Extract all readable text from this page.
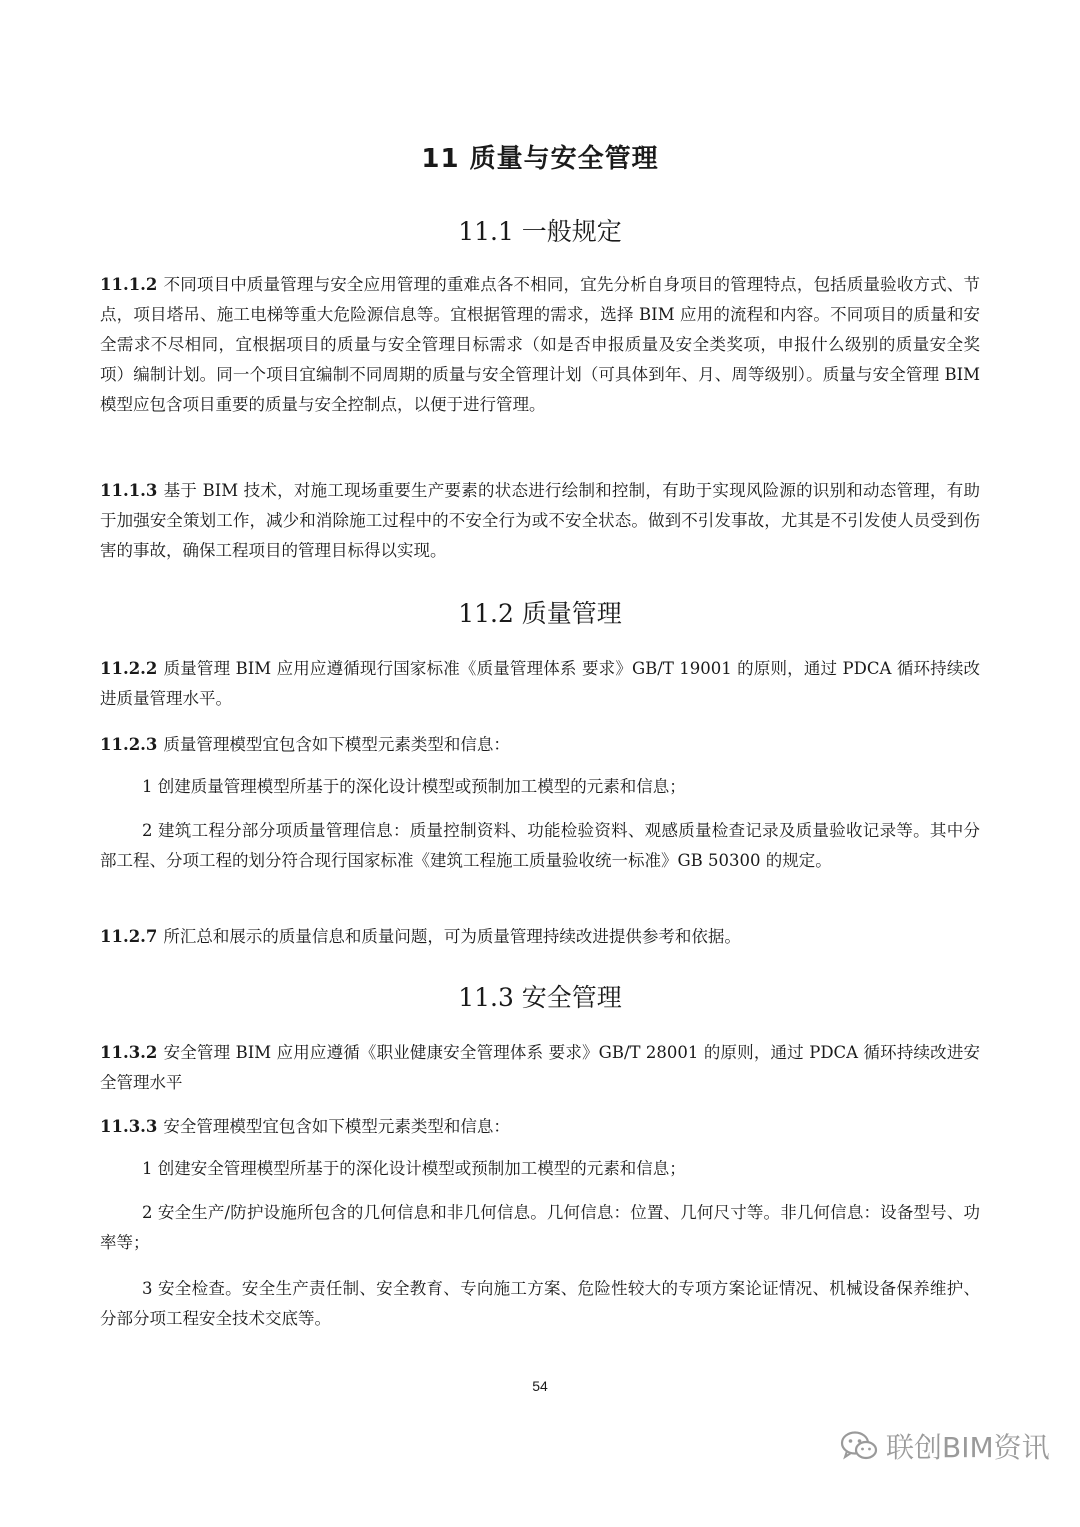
11 质量与安全管理
11.1 一般规定
11.1.2 不同项目中质量管理与安全应用管理的重难点各不相同，宜先分析自身项目的管理特点，包括质量验收方式、节点，项目塔吊、施工电梯等重大危险源信息等。宜根据管理的需求，选择 BIM 应用的流程和内容。不同项目的质量和安全需求不尽相同，宜根据项目的质量与安全管理目标需求（如是否申报质量及安全类奖项，申报什么级别的质量安全奖项）编制计划。同一个项目宜编制不同周期的质量与安全管理计划（可具体到年、月、周等级别）。质量与安全管理 BIM 模型应包含项目重要的质量与安全控制点，以便于进行管理。
11.1.3 基于 BIM 技术，对施工现场重要生产要素的状态进行绘制和控制，有助于实现风险源的识别和动态管理，有助于加强安全策划工作，减少和消除施工过程中的不安全行为或不安全状态。做到不引发事故，尤其是不引发使人员受到伤害的事故，确保工程项目的管理目标得以实现。
11.2 质量管理
11.2.2 质量管理 BIM 应用应遵循现行国家标准《质量管理体系 要求》GB/T 19001 的原则，通过 PDCA 循环持续改进质量管理水平。
11.2.3 质量管理模型宜包含如下模型元素类型和信息：
1 创建质量管理模型所基于的深化设计模型或预制加工模型的元素和信息；
2 建筑工程分部分项质量管理信息：质量控制资料、功能检验资料、观感质量检查记录及质量验收记录等。其中分部工程、分项工程的划分符合现行国家标准《建筑工程施工质量验收统一标准》GB 50300 的规定。
11.2.7 所汇总和展示的质量信息和质量问题，可为质量管理持续改进提供参考和依据。
11.3 安全管理
11.3.2 安全管理 BIM 应用应遵循《职业健康安全管理体系 要求》GB/T 28001 的原则，通过 PDCA 循环持续改进安全管理水平
11.3.3 安全管理模型宜包含如下模型元素类型和信息：
1 创建安全管理模型所基于的深化设计模型或预制加工模型的元素和信息；
2 安全生产/防护设施所包含的几何信息和非几何信息。几何信息：位置、几何尺寸等。非几何信息：设备型号、功率等；
3 安全检查。安全生产责任制、安全教育、专向施工方案、危险性较大的专项方案论证情况、机械设备保养维护、分部分项工程安全技术交底等。
54
联创BIM资讯
